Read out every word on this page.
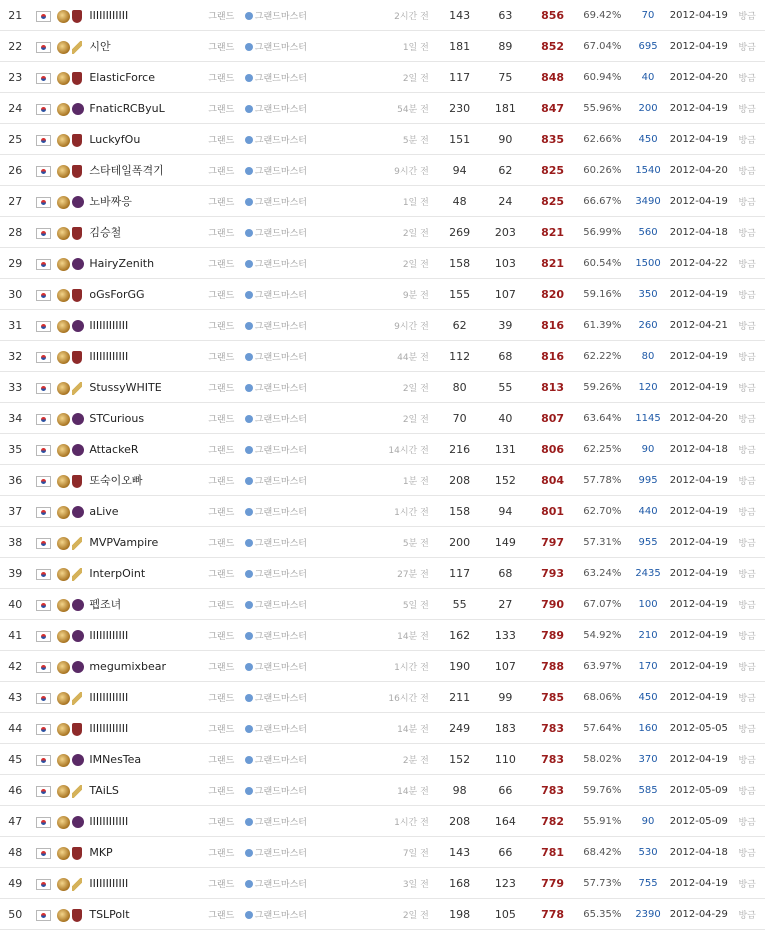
21			IIIIIIIIIIII	그랜드	그랜드마스터	2시간 전	143	63	856	69.42%	70	2012-04-19	방금
22			시안	그랜드	그랜드마스터	1일 전	181	89	852	67.04%	695	2012-04-19	방금
23			ElasticForce	그랜드	그랜드마스터	2일 전	117	75	848	60.94%	40	2012-04-20	방금
24			FnaticRCByuL	그랜드	그랜드마스터	54분 전	230	181	847	55.96%	200	2012-04-19	방금
25			LuckyfOu	그랜드	그랜드마스터	5분 전	151	90	835	62.66%	450	2012-04-19	방금
26			스타테일폭격기	그랜드	그랜드마스터	9시간 전	94	62	825	60.26%	1540	2012-04-20	방금
27			노바짜응	그랜드	그랜드마스터	1일 전	48	24	825	66.67%	3490	2012-04-19	방금
28			김승철	그랜드	그랜드마스터	2일 전	269	203	821	56.99%	560	2012-04-18	방금
29			HairyZenith	그랜드	그랜드마스터	2일 전	158	103	821	60.54%	1500	2012-04-22	방금
30			oGsForGG	그랜드	그랜드마스터	9분 전	155	107	820	59.16%	350	2012-04-19	방금
31			IIIIIIIIIIII	그랜드	그랜드마스터	9시간 전	62	39	816	61.39%	260	2012-04-21	방금
32			IIIIIIIIIIII	그랜드	그랜드마스터	44분 전	112	68	816	62.22%	80	2012-04-19	방금
33			StussyWHITE	그랜드	그랜드마스터	2일 전	80	55	813	59.26%	120	2012-04-19	방금
34			STCurious	그랜드	그랜드마스터	2일 전	70	40	807	63.64%	1145	2012-04-20	방금
35			AttackeR	그랜드	그랜드마스터	14시간 전	216	131	806	62.25%	90	2012-04-18	방금
36			또숙이오빠	그랜드	그랜드마스터	1분 전	208	152	804	57.78%	995	2012-04-19	방금
37			aLive	그랜드	그랜드마스터	1시간 전	158	94	801	62.70%	440	2012-04-19	방금
38			MVPVampire	그랜드	그랜드마스터	5분 전	200	149	797	57.31%	955	2012-04-19	방금
39			InterpOint	그랜드	그랜드마스터	27분 전	117	68	793	63.24%	2435	2012-04-19	방금
40			펩조녀	그랜드	그랜드마스터	5일 전	55	27	790	67.07%	100	2012-04-19	방금
41			IIIIIIIIIIII	그랜드	그랜드마스터	14분 전	162	133	789	54.92%	210	2012-04-19	방금
42			megumixbear	그랜드	그랜드마스터	1시간 전	190	107	788	63.97%	170	2012-04-19	방금
43			IIIIIIIIIIII	그랜드	그랜드마스터	16시간 전	211	99	785	68.06%	450	2012-04-19	방금
44			IIIIIIIIIIII	그랜드	그랜드마스터	14분 전	249	183	783	57.64%	160	2012-05-05	방금
45			IMNesTea	그랜드	그랜드마스터	2분 전	152	110	783	58.02%	370	2012-04-19	방금
46			TAiLS	그랜드	그랜드마스터	14분 전	98	66	783	59.76%	585	2012-05-09	방금
47			IIIIIIIIIIII	그랜드	그랜드마스터	1시간 전	208	164	782	55.91%	90	2012-05-09	방금
48			MKP	그랜드	그랜드마스터	7일 전	143	66	781	68.42%	530	2012-04-18	방금
49			IIIIIIIIIIII	그랜드	그랜드마스터	3일 전	168	123	779	57.73%	755	2012-04-19	방금
50			TSLPolt	그랜드	그랜드마스터	2일 전	198	105	778	65.35%	2390	2012-04-29	방금
